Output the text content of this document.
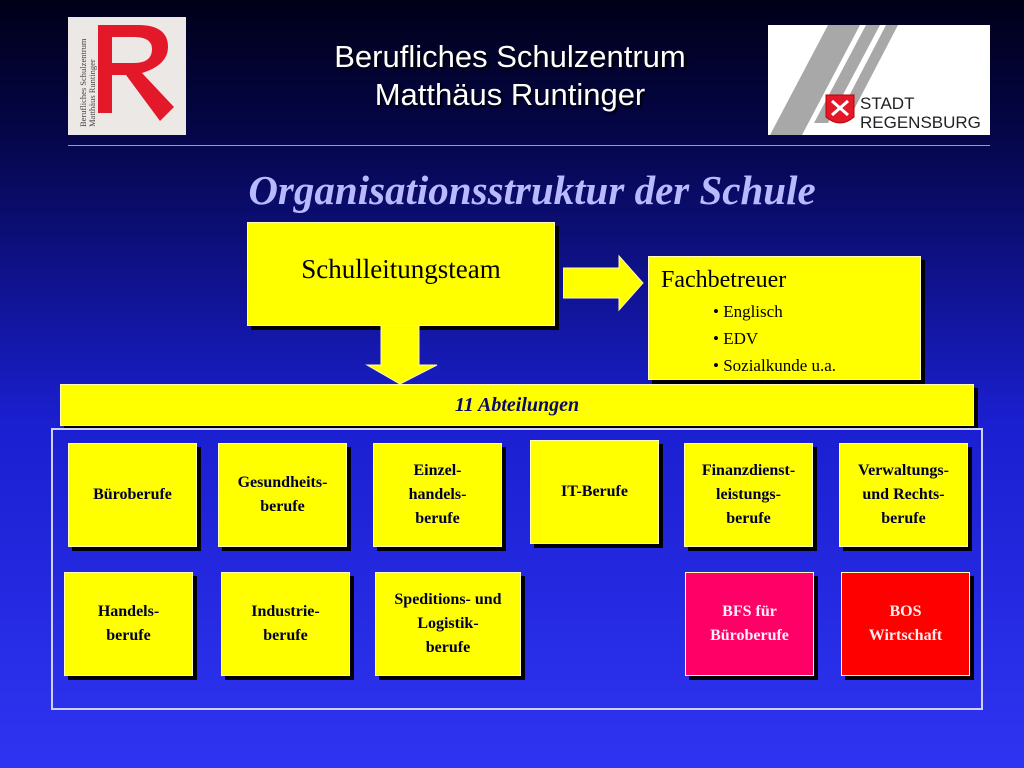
Berufliches Schulzentrum Matthäus Runtinger
Berufliches Schulzentrum
Matthäus Runtinger	STADT
REGENSBURG
Organisationsstruktur der Schule
Schulleitungsteam	Fachbetreuer
• Englisch
• EDV
• Sozialkunde u.a.
11 Abteilungen
Büroberufe
Gesundheits-
berufe
Einzel-
handels-
berufe
IT-Berufe
Finanzdienst-
leistungs-
berufe
Verwaltungs-
und Rechts-
berufe
Handels-
berufe
Industrie-
berufe
Speditions- und
Logistik-
berufe
BFS für
Büroberufe
BOS
Wirtschaft
